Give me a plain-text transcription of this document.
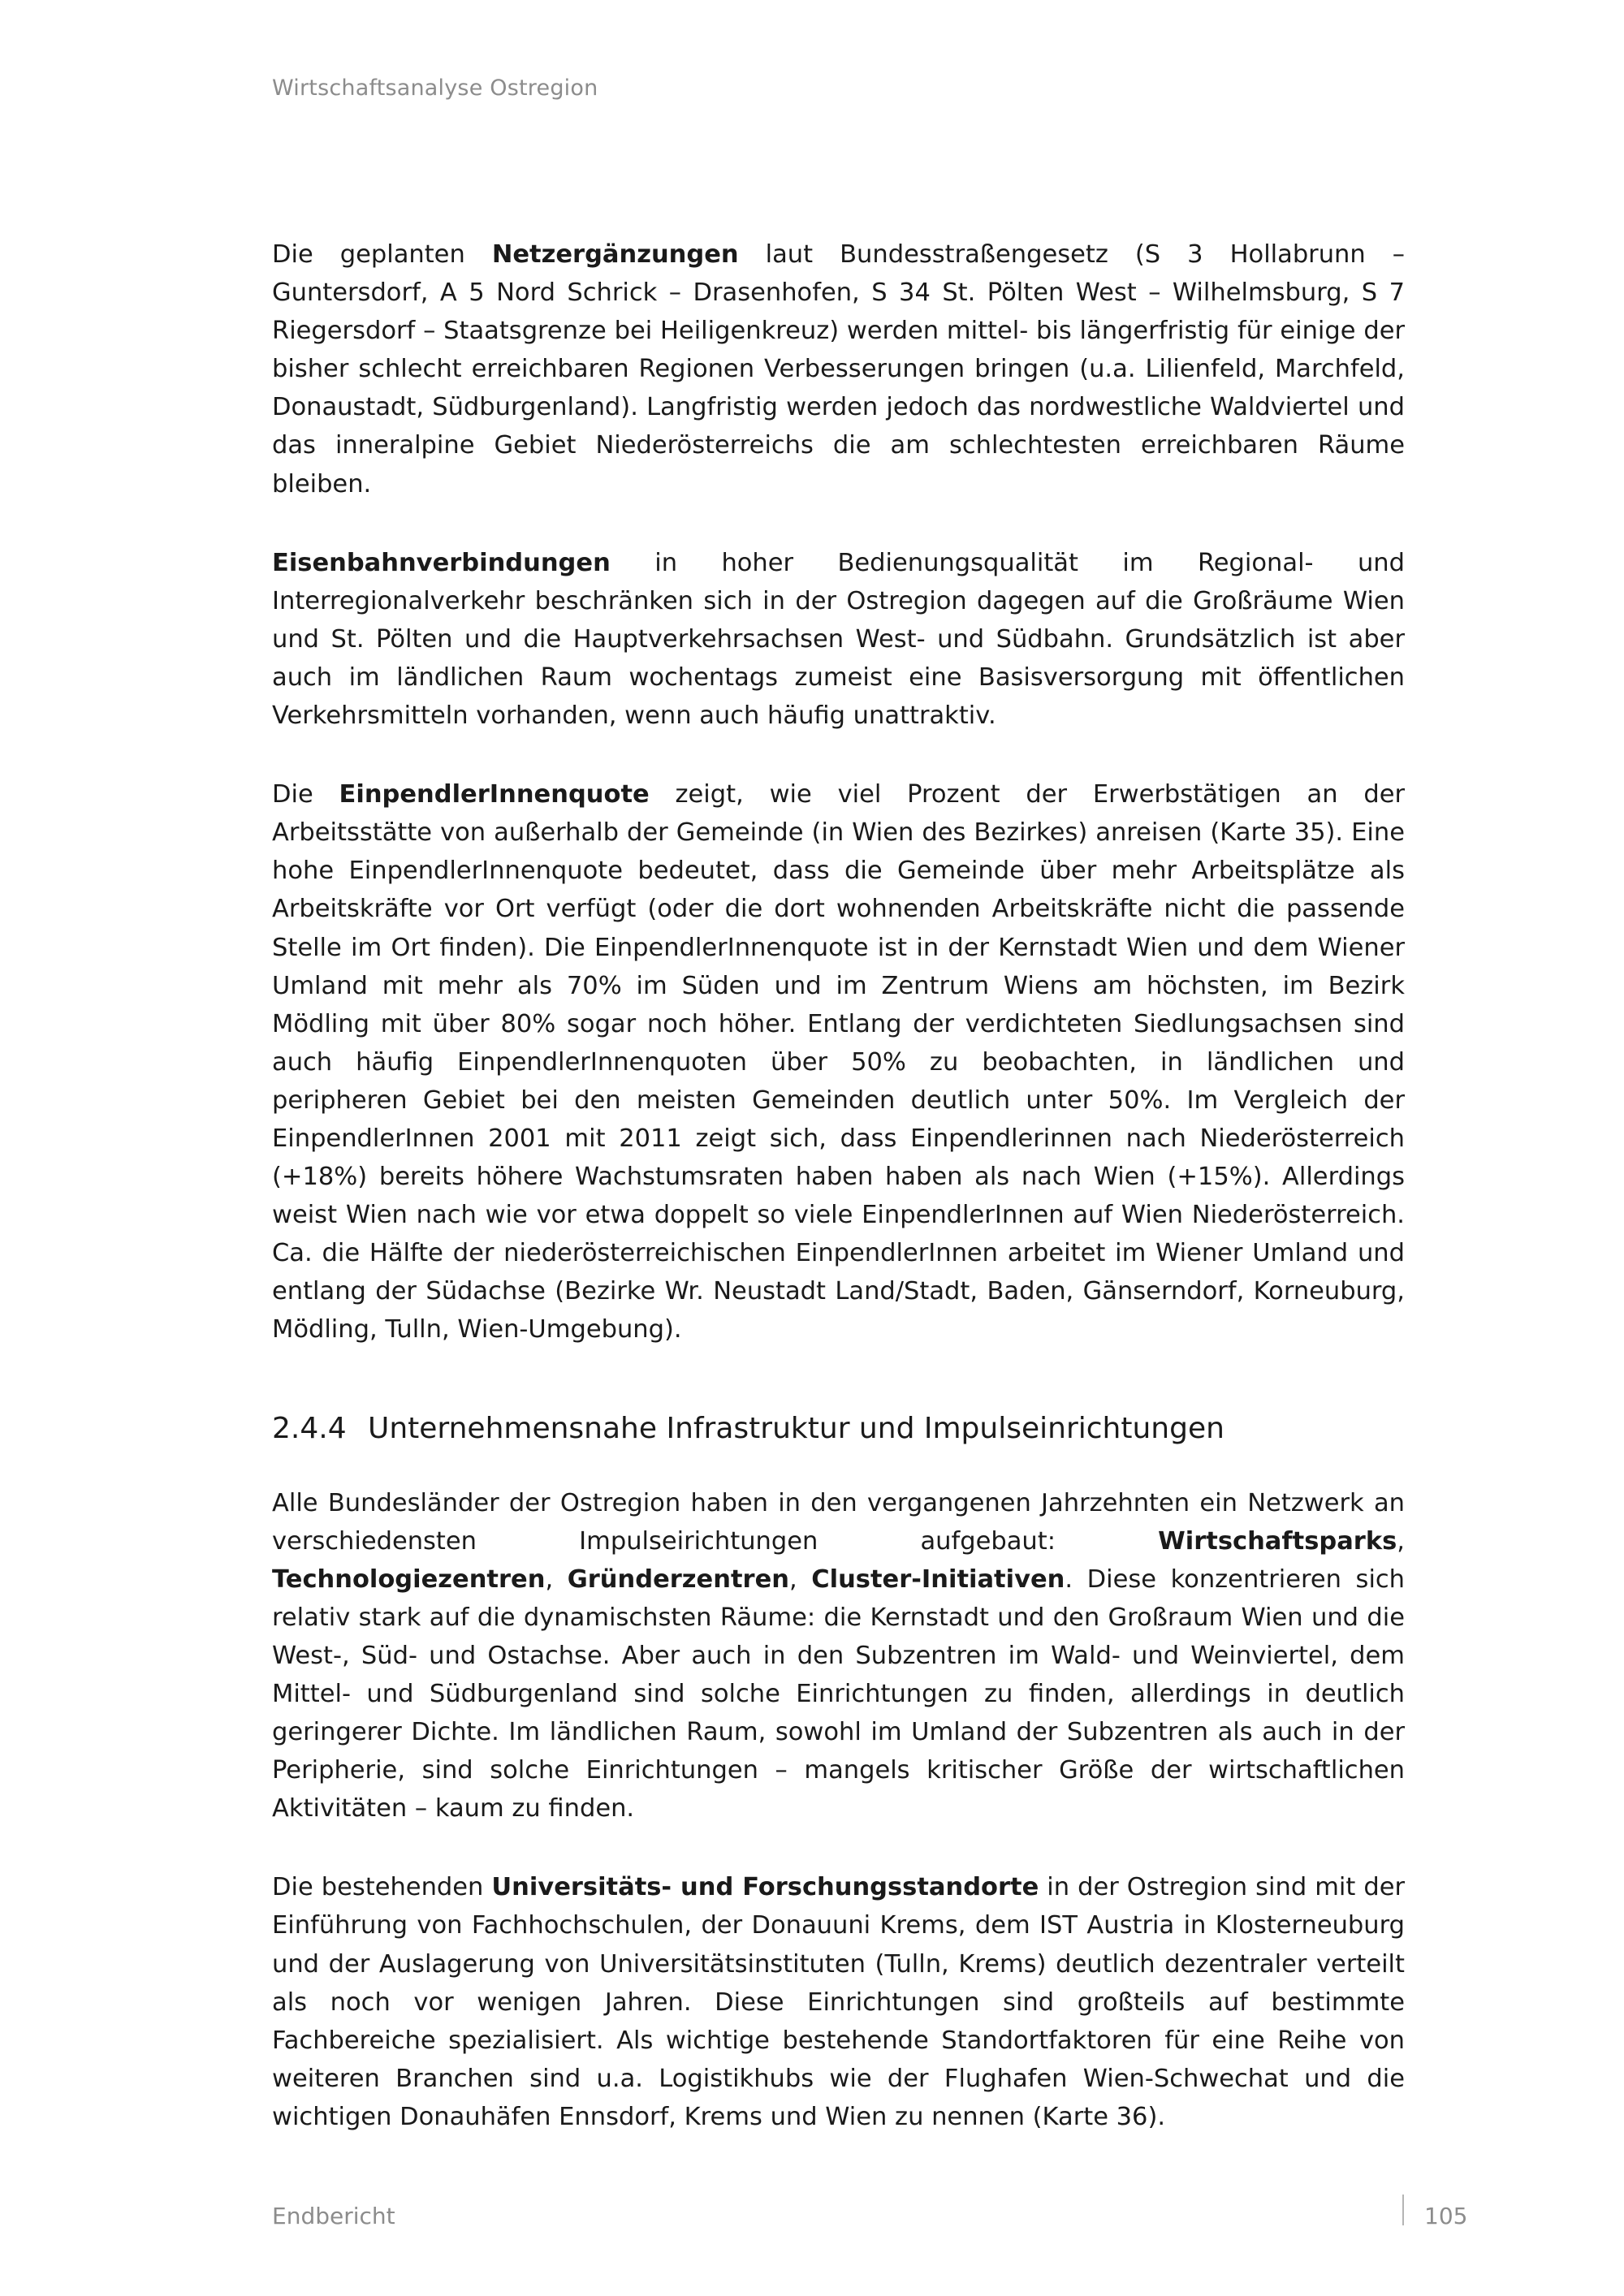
Wirtschaftsanalyse Ostregion

Die geplanten Netzergänzungen laut Bundesstraßengesetz (S 3 Hollabrunn – Guntersdorf, A 5 Nord Schrick – Drasenhofen, S 34 St. Pölten West – Wilhelmsburg, S 7 Riegersdorf – Staatsgrenze bei Heiligenkreuz) werden mittel- bis längerfristig für einige der bisher schlecht erreichbaren Regionen Verbesserungen bringen (u.a. Lilienfeld, Marchfeld, Donaustadt, Südburgenland). Langfristig werden jedoch das nordwestliche Waldviertel und das inneralpine Gebiet Niederösterreichs die am schlechtesten erreichbaren Räume bleiben.

Eisenbahnverbindungen in hoher Bedienungsqualität im Regional- und Interregionalverkehr beschränken sich in der Ostregion dagegen auf die Großräume Wien und St. Pölten und die Hauptverkehrsachsen West- und Südbahn. Grundsätzlich ist aber auch im ländlichen Raum wochentags zumeist eine Basisversorgung mit öffentlichen Verkehrsmitteln vorhanden, wenn auch häufig unattraktiv.

Die EinpendlerInnenquote zeigt, wie viel Prozent der Erwerbstätigen an der Arbeitsstätte von außerhalb der Gemeinde (in Wien des Bezirkes) anreisen (Karte 35). Eine hohe EinpendlerInnenquote bedeutet, dass die Gemeinde über mehr Arbeitsplätze als Arbeitskräfte vor Ort verfügt (oder die dort wohnenden Arbeitskräfte nicht die passende Stelle im Ort finden). Die EinpendlerInnenquote ist in der Kernstadt Wien und dem Wiener Umland mit mehr als 70% im Süden und im Zentrum Wiens am höchsten, im Bezirk Mödling mit über 80% sogar noch höher. Entlang der verdichteten Siedlungsachsen sind auch häufig EinpendlerInnenquoten über 50% zu beobachten, in ländlichen und peripheren Gebiet bei den meisten Gemeinden deutlich unter 50%. Im Vergleich der EinpendlerInnen 2001 mit 2011 zeigt sich, dass Einpendlerinnen nach Niederösterreich (+18%) bereits höhere Wachstumsraten haben haben als nach Wien (+15%). Allerdings weist Wien nach wie vor etwa doppelt so viele EinpendlerInnen auf Wien Niederösterreich. Ca. die Hälfte der niederösterreichischen EinpendlerInnen arbeitet im Wiener Umland und entlang der Südachse (Bezirke Wr. Neustadt Land/Stadt, Baden, Gänserndorf, Korneuburg, Mödling, Tulln, Wien-Umgebung).

2.4.4 Unternehmensnahe Infrastruktur und Impulseinrichtungen

Alle Bundesländer der Ostregion haben in den vergangenen Jahrzehnten ein Netzwerk an verschiedensten Impulseirichtungen aufgebaut: Wirtschaftsparks, Technologiezentren, Gründerzentren, Cluster-Initiativen. Diese konzentrieren sich relativ stark auf die dynamischsten Räume: die Kernstadt und den Großraum Wien und die West-, Süd- und Ostachse. Aber auch in den Subzentren im Wald- und Weinviertel, dem Mittel- und Südburgenland sind solche Einrichtungen zu finden, allerdings in deutlich geringerer Dichte. Im ländlichen Raum, sowohl im Umland der Subzentren als auch in der Peripherie, sind solche Einrichtungen – mangels kritischer Größe der wirtschaftlichen Aktivitäten – kaum zu finden.

Die bestehenden Universitäts- und Forschungsstandorte in der Ostregion sind mit der Einführung von Fachhochschulen, der Donauuni Krems, dem IST Austria in Klosterneuburg und der Auslagerung von Universitätsinstituten (Tulln, Krems) deutlich dezentraler verteilt als noch vor wenigen Jahren. Diese Einrichtungen sind großteils auf bestimmte Fachbereiche spezialisiert. Als wichtige bestehende Standortfaktoren für eine Reihe von weiteren Branchen sind u.a. Logistikhubs wie der Flughafen Wien-Schwechat und die wichtigen Donauhäfen Ennsdorf, Krems und Wien zu nennen (Karte 36).

Endbericht	105
